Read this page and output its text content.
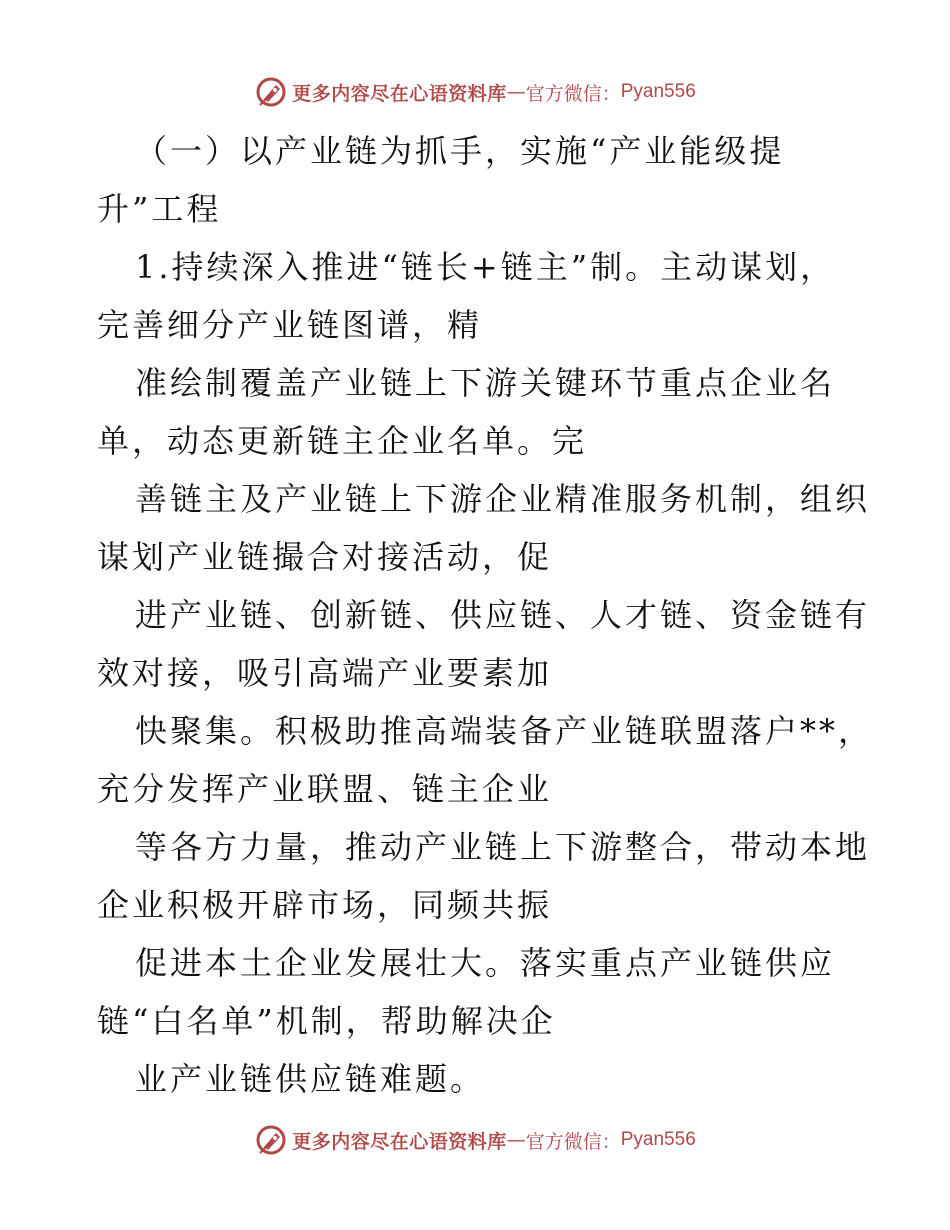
更多内容尽在心语资料库 — 官方微信： Pyan556
（一）以产业链为抓手，实施“产业能级提
升”工程
1.持续深入推进“链长+链主”制。主动谋划，
完善细分产业链图谱，精
准绘制覆盖产业链上下游关键环节重点企业名
单，动态更新链主企业名单。完
善链主及产业链上下游企业精准服务机制，组织
谋划产业链撮合对接活动，促
进产业链、创新链、供应链、人才链、资金链有
效对接，吸引高端产业要素加
快聚集。积极助推高端装备产业链联盟落户**，
充分发挥产业联盟、链主企业
等各方力量，推动产业链上下游整合，带动本地
企业积极开辟市场，同频共振
促进本土企业发展壮大。落实重点产业链供应
链“白名单”机制，帮助解决企
业产业链供应链难题。
更多内容尽在心语资料库 — 官方微信： Pyan556
